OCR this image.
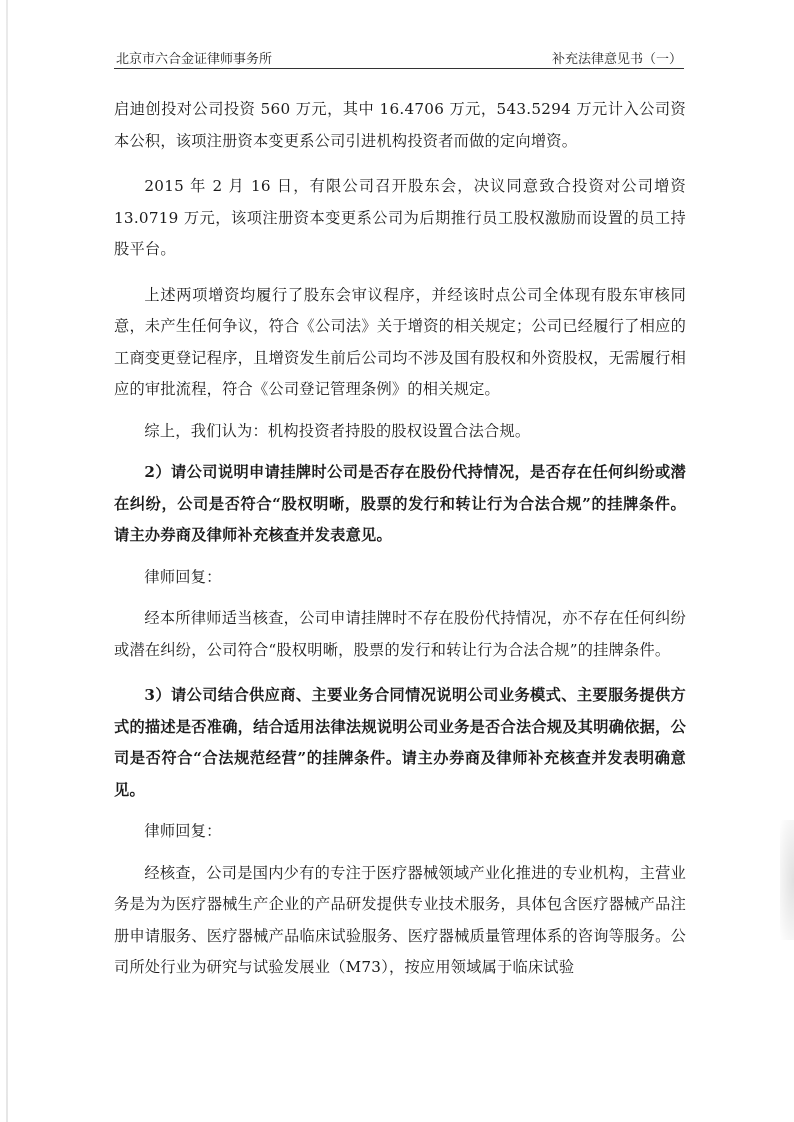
北京市六合金证律师事务所	补充法律意见书（一）

启迪创投对公司投资 560 万元，其中 16.4706 万元，543.5294 万元计入公司资本公积，该项注册资本变更系公司引进机构投资者而做的定向增资。

2015 年 2 月 16 日，有限公司召开股东会，决议同意致合投资对公司增资 13.0719 万元，该项注册资本变更系公司为后期推行员工股权激励而设置的员工持股平台。

上述两项增资均履行了股东会审议程序，并经该时点公司全体现有股东审核同意，未产生任何争议，符合《公司法》关于增资的相关规定；公司已经履行了相应的工商变更登记程序，且增资发生前后公司均不涉及国有股权和外资股权，无需履行相应的审批流程，符合《公司登记管理条例》的相关规定。

综上，我们认为：机构投资者持股的股权设置合法合规。

2）请公司说明申请挂牌时公司是否存在股份代持情况，是否存在任何纠纷或潜在纠纷，公司是否符合“股权明晰，股票的发行和转让行为合法合规”的挂牌条件。请主办券商及律师补充核查并发表意见。

律师回复：

经本所律师适当核查，公司申请挂牌时不存在股份代持情况，亦不存在任何纠纷或潜在纠纷，公司符合“股权明晰，股票的发行和转让行为合法合规”的挂牌条件。

3）请公司结合供应商、主要业务合同情况说明公司业务模式、主要服务提供方式的描述是否准确，结合适用法律法规说明公司业务是否合法合规及其明确依据，公司是否符合“合法规范经营”的挂牌条件。请主办券商及律师补充核查并发表明确意见。

律师回复：

经核查，公司是国内少有的专注于医疗器械领域产业化推进的专业机构，主营业务是为为医疗器械生产企业的产品研发提供专业技术服务，具体包含医疗器械产品注册申请服务、医疗器械产品临床试验服务、医疗器械质量管理体系的咨询等服务。公司所处行业为研究与试验发展业（M73），按应用领域属于临床试验
